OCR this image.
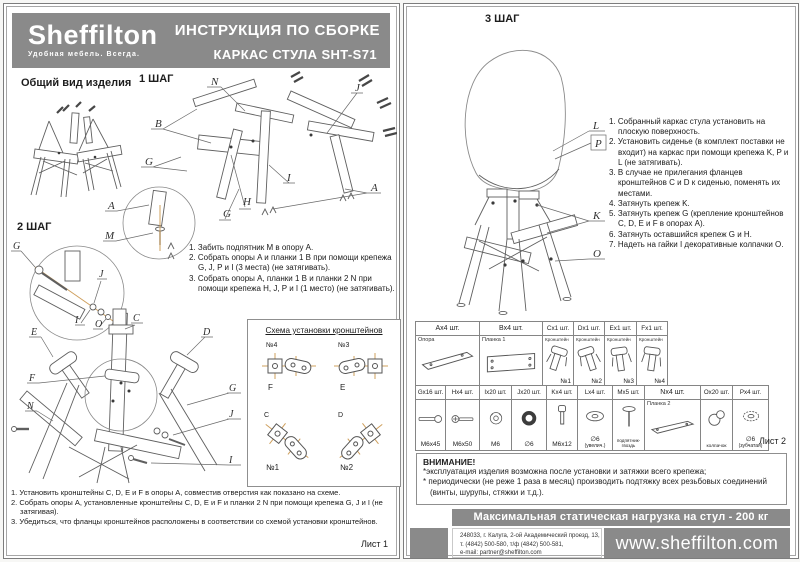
Sheffilton
Удобная мебель. Всегда.
ИНСТРУКЦИЯ ПО СБОРКЕ
КАРКАС СТУЛА SHT-S71
Общий вид изделия 1 ШАГ	N	J
B
G
I
H
G
A
A
M
2 ШАГ
G
J
I O
E
C
D
F
N
G
J
I
1. Забить подпятник M в опору A.
2. Собрать опоры A и планки 1 B при помощи крепежа G, J, P и I (3 места) (не затягивать).
3. Собрать опоры A, планки 1 B и планки 2 N при помощи крепежа H, J, P и I (1 место) (не затягивать).
Схема установки кронштейнов
№4
F
№3
E
C
№1
D
№2
1. Установить кронштейны C, D, E и F в опоры A, совместив отверстия как показано на схеме.
2. Собрать опоры A, установленные кронштейны C, D, E и F и планки 2 N при помощи крепежа G, J и I (не затягивая).
3. Убедиться, что фланцы кронштейнов расположены в соответствии со схемой установки кронштейнов.
Лист 1
3 ШАГ
L
P
K
O
1. Собранный каркас стула установить на плоскую поверхность.
2. Установить сиденье (в комплект поставки не входит) на каркас при помощи крепежа K, P и L (не затягивать).
3. В случае не прилегания фланцев кронштейнов C и D к сиденью, поменять их местами.
4. Затянуть крепеж K.
5. Затянуть крепеж G (крепление кронштейнов C, D, E и F в опорах A).
6. Затянуть оставшийся крепеж G и H.
7. Надеть на гайки I декоративные колпачки O.
Ax4 шт.
Опора
Bx4 шт.
Планка 1
Cx1 шт.
Кронштейн
№1
Dx1 шт.
Кронштейн
№2
Ex1 шт.
Кронштейн
№3
Fx1 шт.
Кронштейн
№4
Gx16 шт.
M6x45
Hx4 шт.
M6x50
Ix20 шт.
M6
Jx20 шт.
∅6
Kx4 шт.
M6x12
Lx4 шт.
∅6
(увелич.)
Mx5 шт.
подпятник-
гвоздь
Nx4 шт.
Планка 2
Ox20 шт.
колпачок
Px4 шт.
∅6
(зубчатая)
Лист 2
ВНИМАНИЕ!
*эксплуатация изделия возможна после установки и затяжки всего крепежа;
* периодически (не реже 1 раза в месяц) производить подтяжку всех резьбовых соединений (винты, шурупы, стяжки и т.д.).
Максимальная статическая нагрузка на стул - 200 кг
248033, г. Калуга, 2-ой Академический проезд, 13,
т. (4842) 500-580, т/ф (4842) 500-581,
e-mail: partner@sheffilton.com
www.sheffilton.com
